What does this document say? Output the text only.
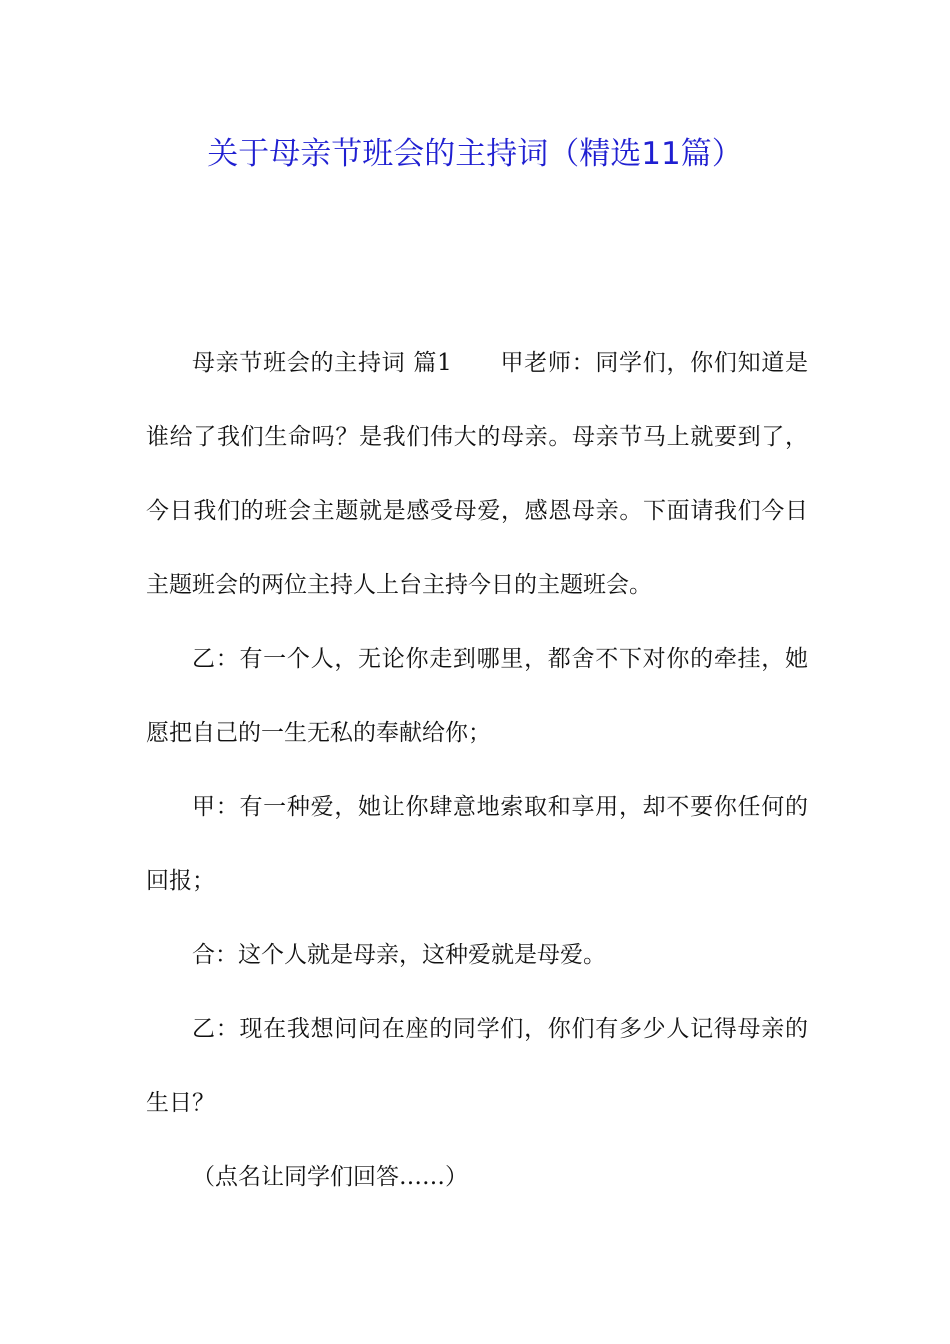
关于母亲节班会的主持词（精选11篇）

母亲节班会的主持词 篇1 甲老师：同学们，你们知道是谁给了我们生命吗？是我们伟大的母亲。母亲节马上就要到了，今日我们的班会主题就是感受母爱，感恩母亲。下面请我们今日主题班会的两位主持人上台主持今日的主题班会。

乙：有一个人，无论你走到哪里，都舍不下对你的牵挂，她愿把自己的一生无私的奉献给你；

甲：有一种爱，她让你肆意地索取和享用，却不要你任何的回报；

合：这个人就是母亲，这种爱就是母爱。

乙：现在我想问问在座的同学们，你们有多少人记得母亲的生日？

（点名让同学们回答……）
